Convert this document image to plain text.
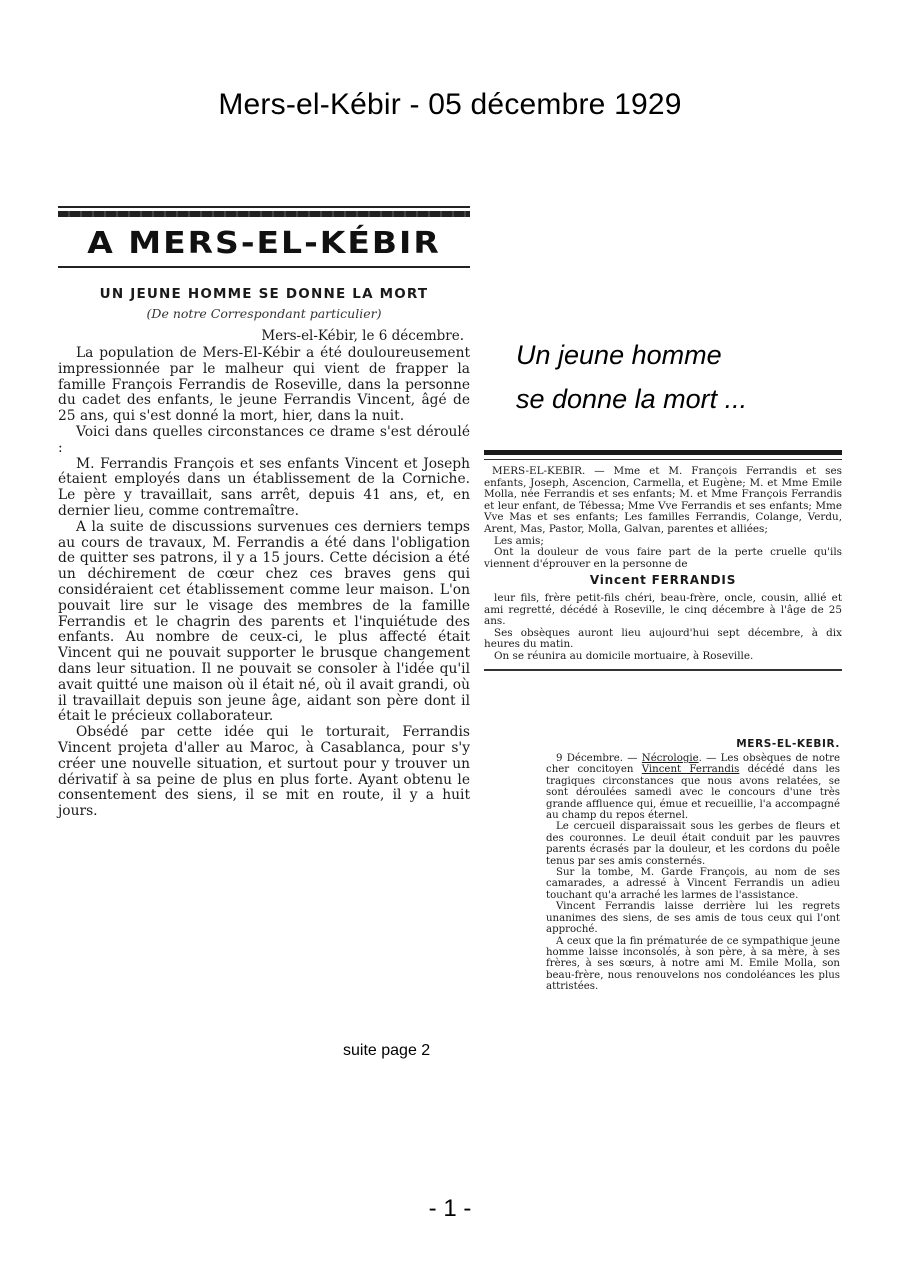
Mers-el-Kébir - 05 décembre 1929
Un jeune homme
se donne la mort ...
A MERS-EL-KÉBIR
UN JEUNE HOMME SE DONNE LA MORT
(De notre Correspondant particulier)
Mers-el-Kébir, le 6 décembre.

La population de Mers-El-Kébir a été douloureusement impressionnée par le malheur qui vient de frapper la famille François Ferrandis de Roseville, dans la personne du cadet des enfants, le jeune Ferrandis Vincent, âgé de 25 ans, qui s'est donné la mort, hier, dans la nuit.

Voici dans quelles circonstances ce drame s'est déroulé :

M. Ferrandis François et ses enfants Vincent et Joseph étaient employés dans un établissement de la Corniche. Le père y travaillait, sans arrêt, depuis 41 ans, et, en dernier lieu, comme contremaître.

A la suite de discussions survenues ces derniers temps au cours de travaux, M. Ferrandis a été dans l'obligation de quitter ses patrons, il y a 15 jours. Cette décision a été un déchirement de cœur chez ces braves gens qui considéraient cet établissement comme leur maison. L'on pouvait lire sur le visage des membres de la famille Ferrandis et le chagrin des parents et l'inquiétude des enfants. Au nombre de ceux-ci, le plus affecté était Vincent qui ne pouvait supporter le brusque changement dans leur situation. Il ne pouvait se consoler à l'idée qu'il avait quitté une maison où il était né, où il avait grandi, où il travaillait depuis son jeune âge, aidant son père dont il était le précieux collaborateur.

Obsédé par cette idée qui le torturait, Ferrandis Vincent projeta d'aller au Maroc, à Casablanca, pour s'y créer une nouvelle situation, et surtout pour y trouver un dérivatif à sa peine de plus en plus forte. Ayant obtenu le consentement des siens, il se mit en route, il y a huit jours.

suite page 2

MERS-EL-KEBIR. — Mme et M. François Ferrandis et ses enfants, Joseph, Ascencion, Carmella, et Eugène; M. et Mme Emile Molla, née Ferrandis et ses enfants; M. et Mme François Ferrandis et leur enfant, de Tébessa; Mme Vve Ferrandis et ses enfants; Mme Vve Mas et ses enfants; Les familles Ferrandis, Colange, Verdu, Arent, Mas, Pastor, Molla, Galvan, parentes et alliées;

Les amis;

Ont la douleur de vous faire part de la perte cruelle qu'ils viennent d'éprouver en la personne de

Vincent FERRANDIS

leur fils, frère petit-fils chéri, beau-frère, oncle, cousin, allié et ami regretté, décédé à Roseville, le cinq décembre à l'âge de 25 ans.

Ses obsèques auront lieu aujourd'hui sept décembre, à dix heures du matin.

On se réunira au domicile mortuaire, à Roseville.

MERS-EL-KEBIR.

9 Décembre. — Nécrologie. — Les obsèques de notre cher concitoyen Vincent Ferrandis décédé dans les tragiques circonstances que nous avons relatées, se sont déroulées samedi avec le concours d'une très grande affluence qui, émue et recueillie, l'a accompagné au champ du repos éternel.

Le cercueil disparaissait sous les gerbes de fleurs et des couronnes. Le deuil était conduit par les pauvres parents écrasés par la douleur, et les cordons du poêle tenus par ses amis consternés.

Sur la tombe, M. Garde François, au nom de ses camarades, a adressé à Vincent Ferrandis un adieu touchant qu'a arraché les larmes de l'assistance.

Vincent Ferrandis laisse derrière lui les regrets unanimes des siens, de ses amis de tous ceux qui l'ont approché.

A ceux que la fin prématurée de ce sympathique jeune homme laisse inconsolés, à son père, à sa mère, à ses frères, à ses sœurs, à notre ami M. Emile Molla, son beau-frère, nous renouvelons nos condoléances les plus attristées.

- 1 -
